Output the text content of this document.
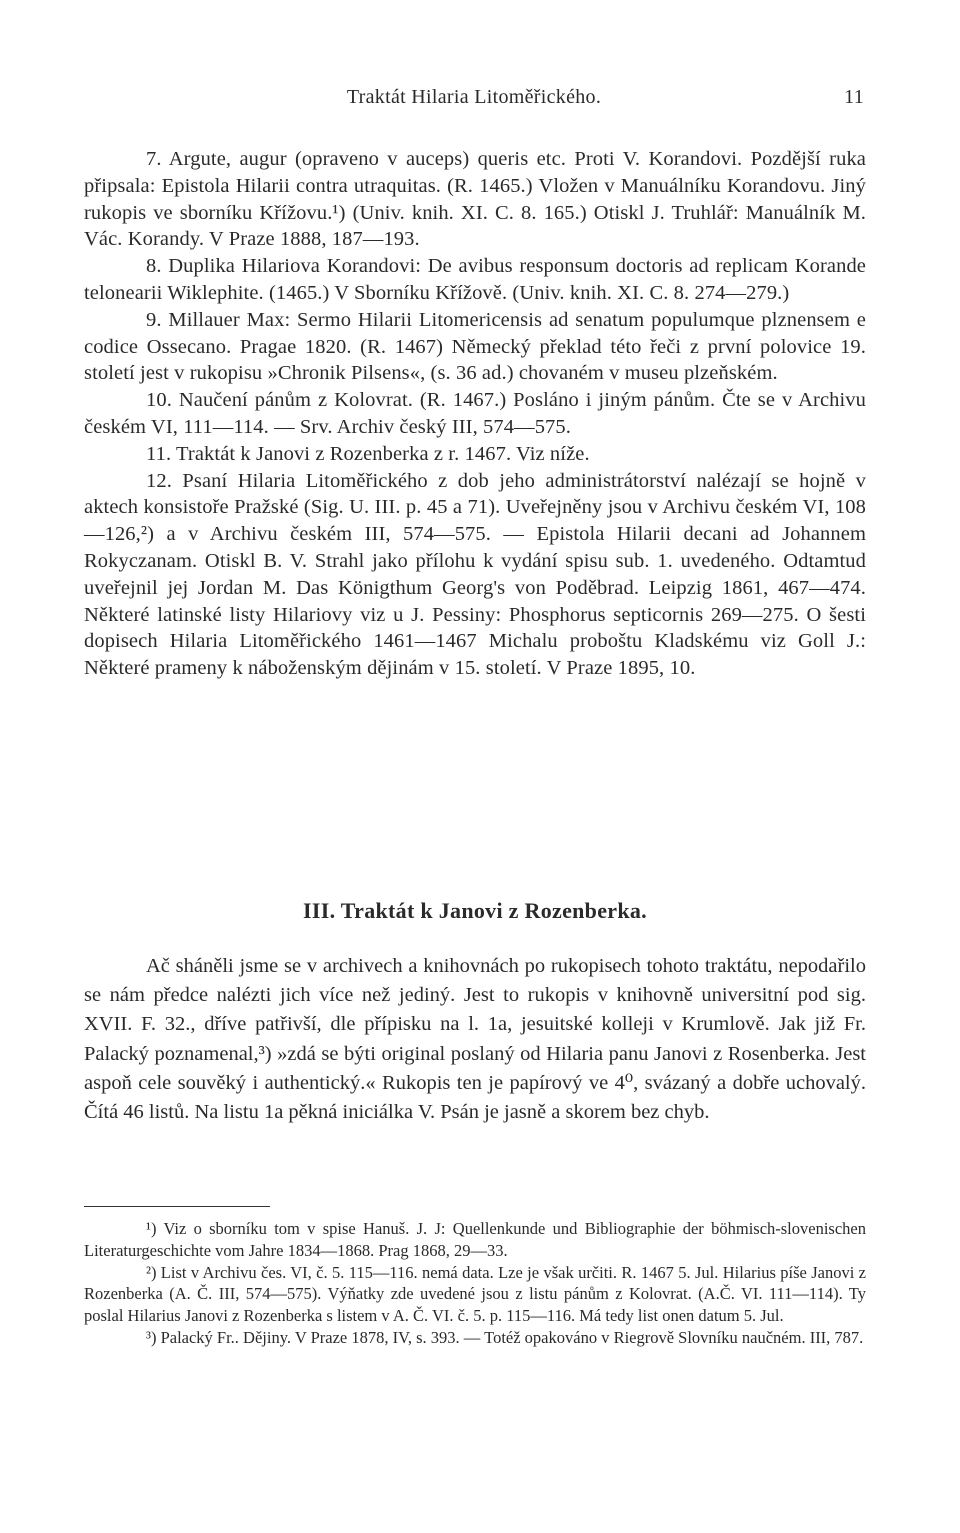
Traktát Hilaria Litoměřického.	11

7. Argute, augur (opraveno v auceps) queris etc. Proti V. Korandovi. Pozdější ruka připsala: Epistola Hilarii contra utraquitas. (R. 1465.) Vložen v Manuálníku Korandovu. Jiný rukopis ve sborníku Křížovu.¹) (Univ. knih. XI. C. 8. 165.) Otiskl J. Truhlář: Manuálník M. Vác. Korandy. V Praze 1888, 187—193.

8. Duplika Hilariova Korandovi: De avibus responsum doctoris ad replicam Korande telonearii Wiklephite. (1465.) V Sborníku Křížově. (Univ. knih. XI. C. 8. 274—279.)

9. Millauer Max: Sermo Hilarii Litomericensis ad senatum populumque plznensem e codice Ossecano. Pragae 1820. (R. 1467) Německý překlad této řeči z první polovice 19. století jest v rukopisu »Chronik Pilsens«, (s. 36 ad.) chovaném v museu plzeňském.

10. Naučení pánům z Kolovrat. (R. 1467.) Posláno i jiným pánům. Čte se v Archivu českém VI, 111—114. — Srv. Archiv český III, 574—575.

11. Traktát k Janovi z Rozenberka z r. 1467. Viz níže.

12. Psaní Hilaria Litoměřického z dob jeho administrátorství nalézají se hojně v aktech konsistoře Pražské (Sig. U. III. p. 45 a 71). Uveřejněny jsou v Archivu českém VI, 108—126,²) a v Archivu českém III, 574—575. — Epistola Hilarii decani ad Johannem Rokyczanam. Otiskl B. V. Strahl jako přílohu k vydání spisu sub. 1. uvedeného. Odtamtud uveřejnil jej Jordan M. Das Königthum Georg's von Poděbrad. Leipzig 1861, 467—474. Některé latinské listy Hilariovy viz u J. Pessiny: Phosphorus septicornis 269—275. O šesti dopisech Hilaria Litoměřického 1461—1467 Michalu proboštu Kladskému viz Goll J.: Některé prameny k náboženským dějinám v 15. století. V Praze 1895, 10.

III. Traktát k Janovi z Rozenberka.

Ač sháněli jsme se v archivech a knihovnách po rukopisech tohoto traktátu, nepodařilo se nám předce nalézti jich více než jediný. Jest to rukopis v knihovně universitní pod sig. XVII. F. 32., dříve patřivší, dle přípisku na l. 1a, jesuitské kolleji v Krumlově. Jak již Fr. Palacký poznamenal,³) »zdá se býti original poslaný od Hilaria panu Janovi z Rosenberka. Jest aspoň cele souvěký i authentický.« Rukopis ten je papírový ve 4⁰, svázaný a dobře uchovalý. Čítá 46 listů. Na listu 1a pěkná iniciálka V. Psán je jasně a skorem bez chyb.

¹) Viz o sborníku tom v spise Hanuš. J. J: Quellenkunde und Bibliographie der böhmisch-slovenischen Literaturgeschichte vom Jahre 1834—1868. Prag 1868, 29—33.

²) List v Archivu čes. VI, č. 5. 115—116. nemá data. Lze je však určiti. R. 1467 5. Jul. Hilarius píše Janovi z Rozenberka (A. Č. III, 574—575). Výňatky zde uvedené jsou z listu pánům z Kolovrat. (A.Č. VI. 111—114). Ty poslal Hilarius Janovi z Rozenberka s listem v A. Č. VI. č. 5. p. 115—116. Má tedy list onen datum 5. Jul.

³) Palacký Fr.. Dějiny. V Praze 1878, IV, s. 393. — Totéž opakováno v Riegrově Slovníku naučném. III, 787.
